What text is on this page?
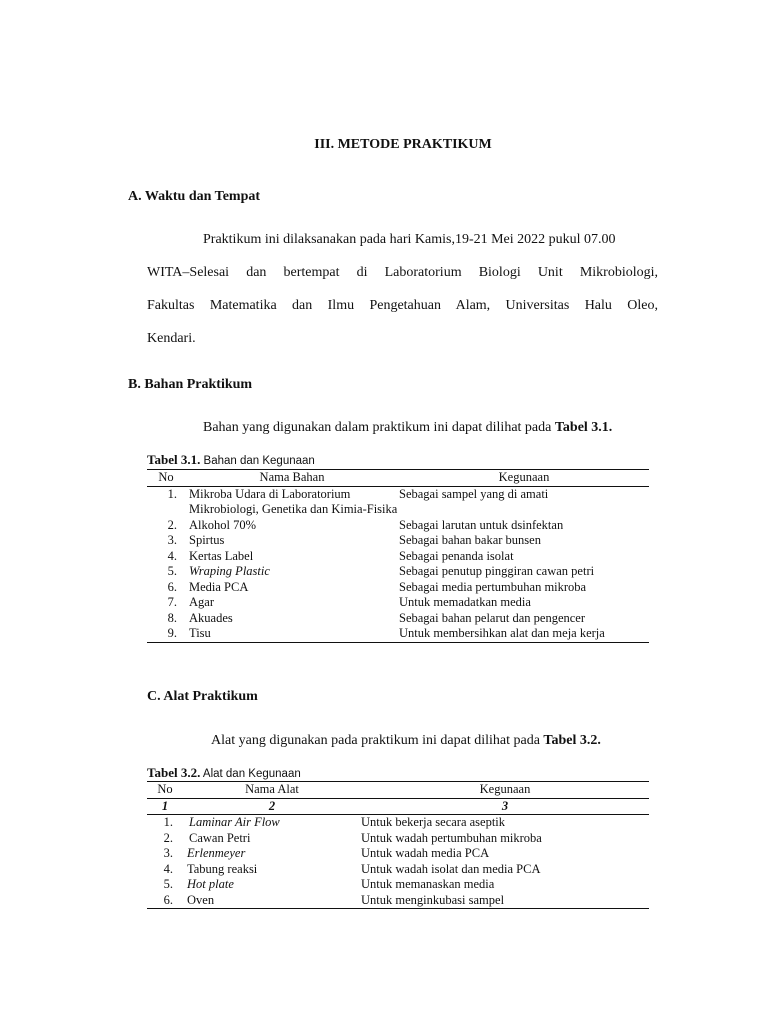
III. METODE PRAKTIKUM
A. Waktu dan Tempat
Praktikum ini dilaksanakan pada hari Kamis,19-21 Mei 2022 pukul 07.00
WITA–Selesai dan bertempat di Laboratorium Biologi Unit Mikrobiologi,
Fakultas Matematika dan Ilmu Pengetahuan Alam, Universitas Halu Oleo,
Kendari.
B. Bahan Praktikum
Bahan yang digunakan dalam praktikum ini dapat dilihat pada Tabel 3.1.
Tabel 3.1. Bahan dan Kegunaan
No	Nama Bahan	Kegunaan
1.	Mikroba Udara di Laboratorium Mikrobiologi, Genetika dan Kimia-Fisika	Sebagai sampel yang di amati
2.	Alkohol 70%	Sebagai larutan untuk dsinfektan
3.	Spirtus	Sebagai bahan bakar bunsen
4.	Kertas Label	Sebagai penanda isolat
5.	Wraping Plastic	Sebagai penutup pinggiran cawan petri
6.	Media PCA	Sebagai media pertumbuhan mikroba
7.	Agar	Untuk memadatkan media
8.	Akuades	Sebagai bahan pelarut dan pengencer
9.	Tisu	Untuk membersihkan alat dan meja kerja
C. Alat Praktikum
Alat yang digunakan pada praktikum ini dapat dilihat pada Tabel 3.2.
Tabel 3.2. Alat dan Kegunaan
No	Nama Alat	Kegunaan
1	2	3
1.	Laminar Air Flow	Untuk bekerja secara aseptik
2.	Cawan Petri	Untuk wadah pertumbuhan mikroba
3.	Erlenmeyer	Untuk wadah media PCA
4.	Tabung reaksi	Untuk wadah isolat dan media PCA
5.	Hot plate	Untuk memanaskan media
6.	Oven	Untuk menginkubasi sampel
